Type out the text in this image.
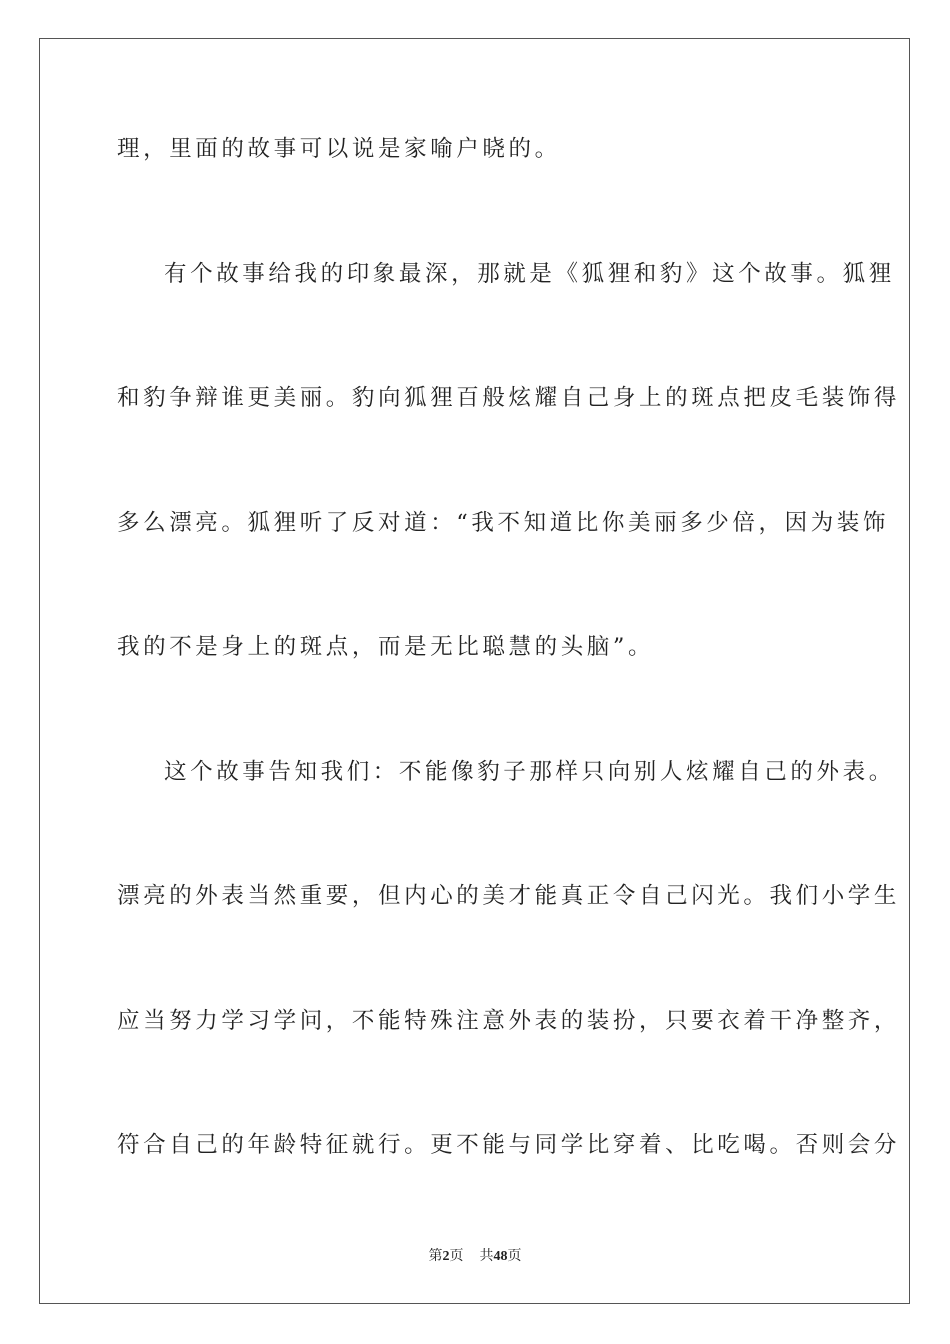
理，里面的故事可以说是家喻户晓的。
有个故事给我的印象最深，那就是《狐狸和豹》这个故事。狐狸
和豹争辩谁更美丽。豹向狐狸百般炫耀自己身上的斑点把皮毛装饰得
多么漂亮。狐狸听了反对道：“我不知道比你美丽多少倍，因为装饰
我的不是身上的斑点，而是无比聪慧的头脑”。
这个故事告知我们：不能像豹子那样只向别人炫耀自己的外表。
漂亮的外表当然重要，但内心的美才能真正令自己闪光。我们小学生
应当努力学习学问，不能特殊注意外表的装扮，只要衣着干净整齐，
符合自己的年龄特征就行。更不能与同学比穿着、比吃喝。否则会分
第2页 共48页
